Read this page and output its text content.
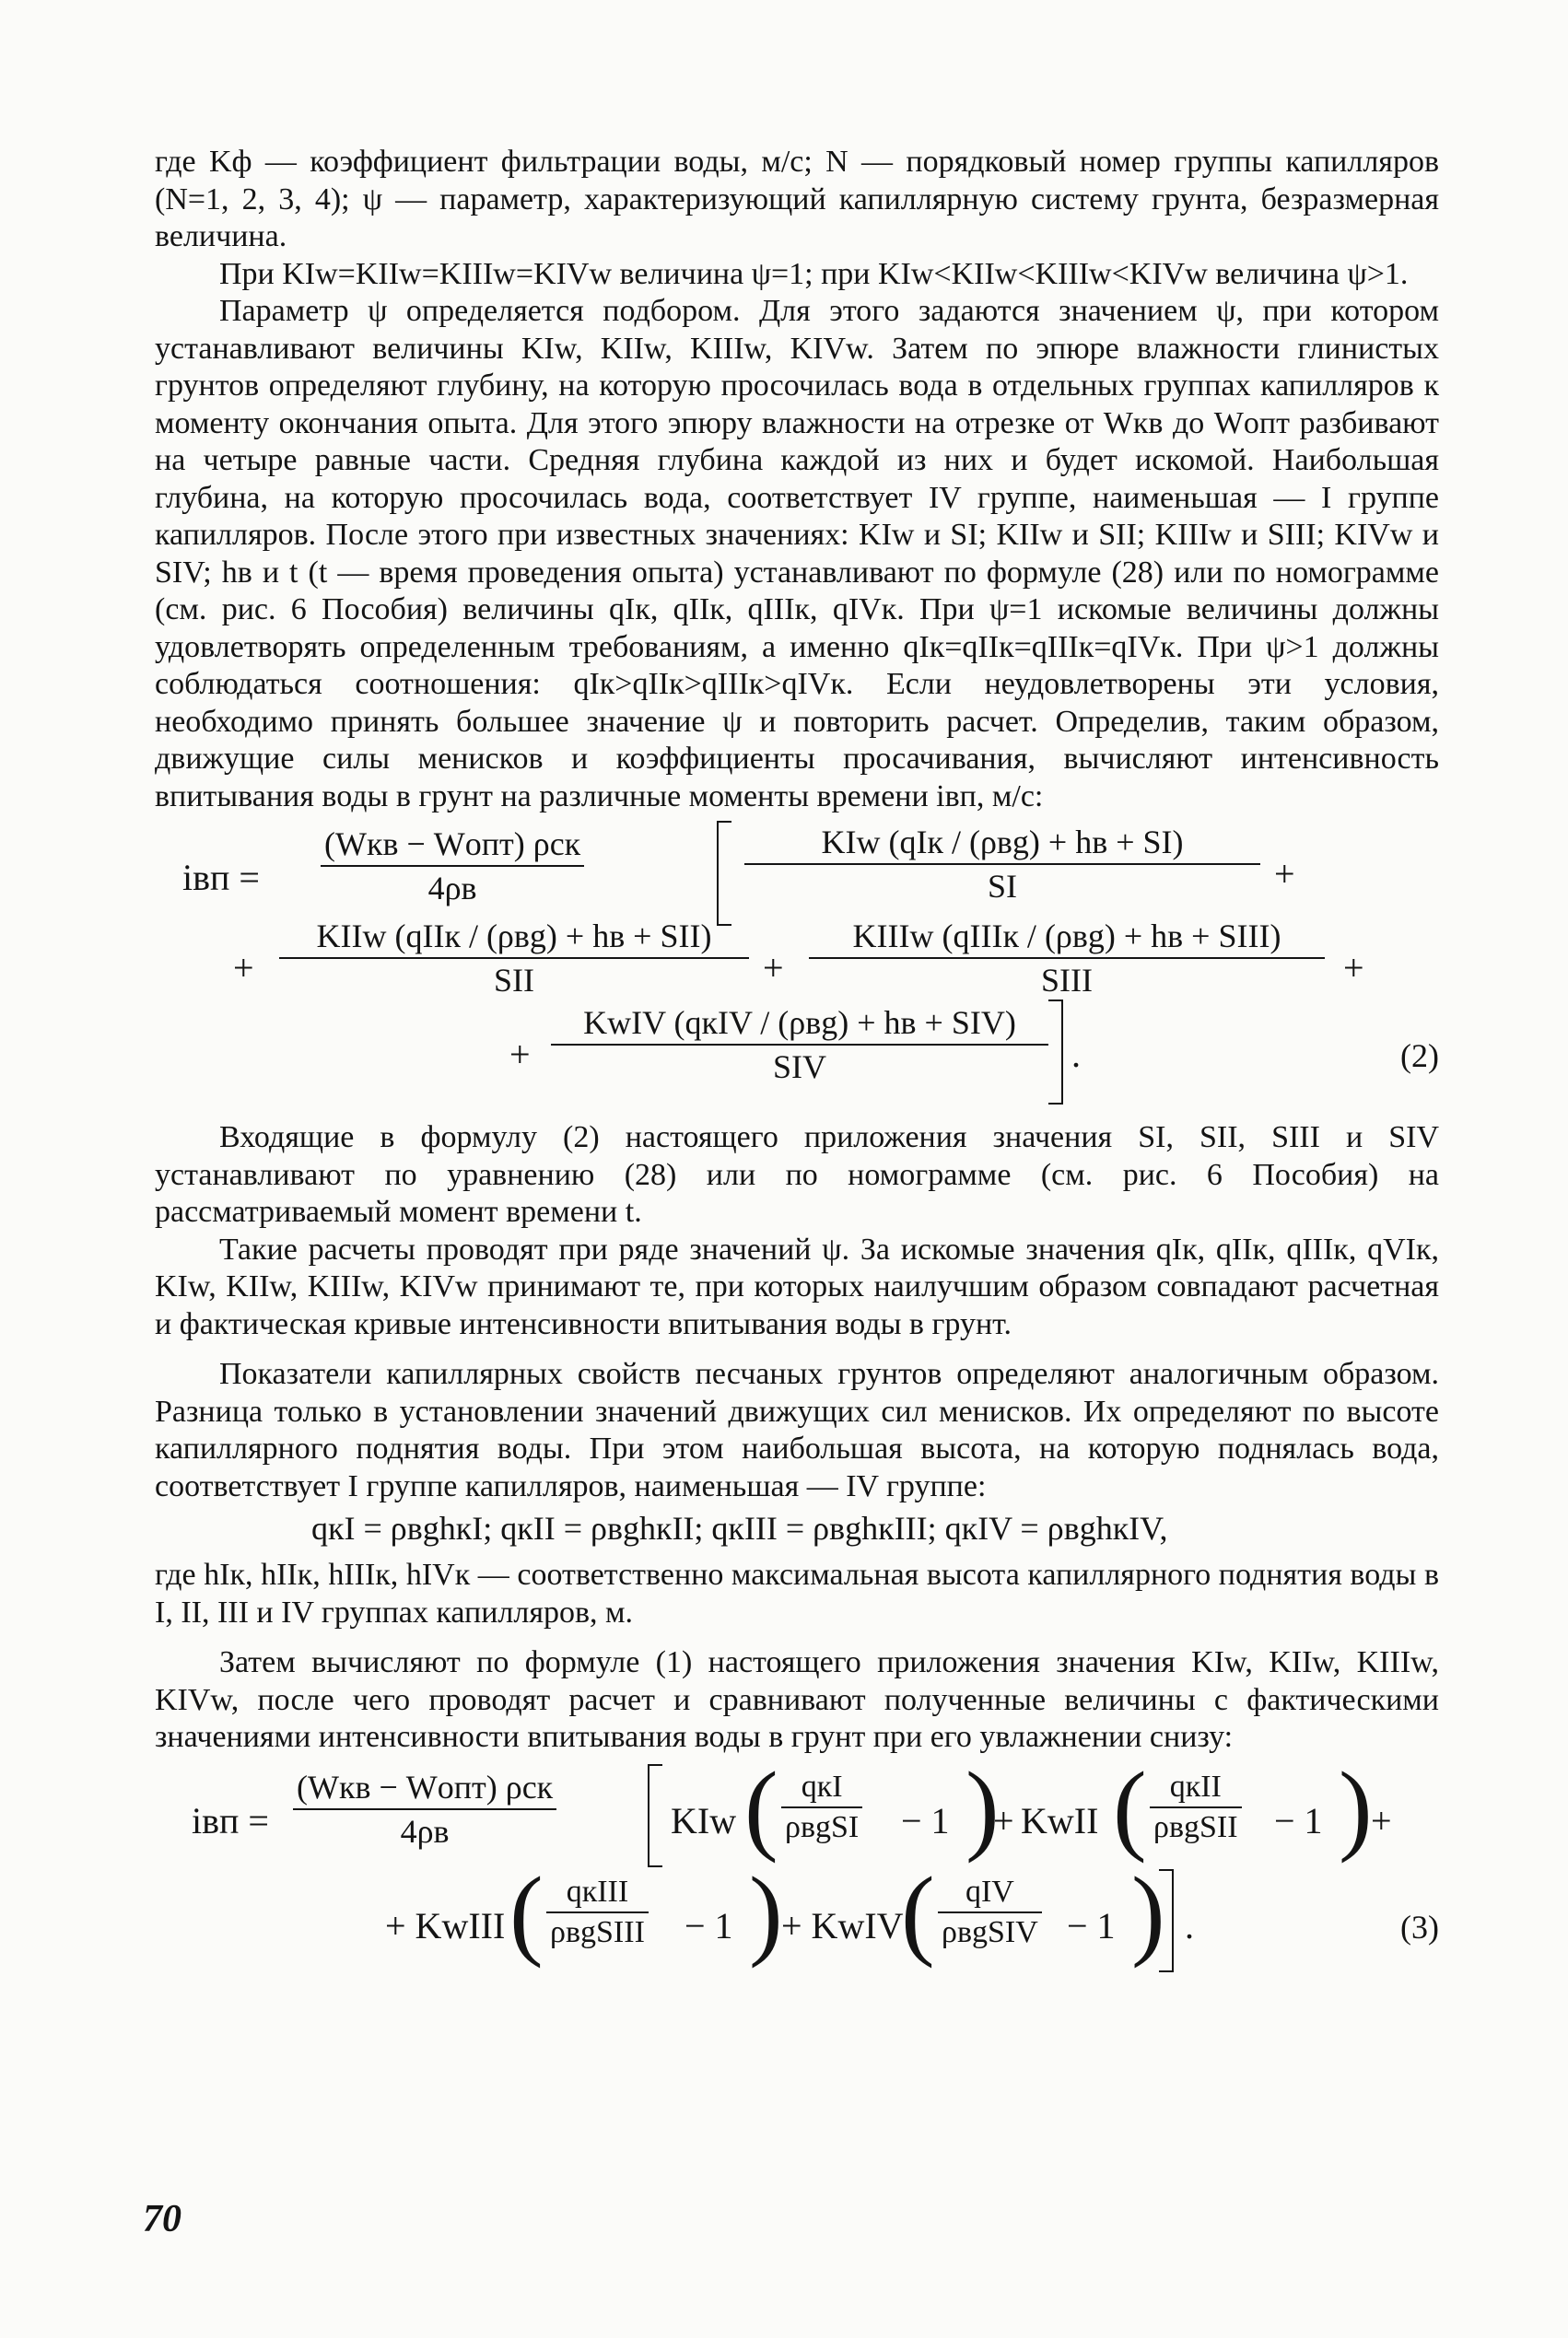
где Kф — коэффициент фильтрации воды, м/с; N — порядковый номер группы капилляров (N=1, 2, 3, 4); ψ — параметр, характеризующий капиллярную систему грунта, безразмерная величина.

При KIw=KIIw=KIIIw=KIVw величина ψ=1; при KIw<KIIw<KIIIw<KIVw величина ψ>1.

Параметр ψ определяется подбором. Для этого задаются значением ψ, при котором устанавливают величины KIw, KIIw, KIIIw, KIVw. Затем по эпюре влажности глинистых грунтов определяют глубину, на которую просочилась вода в отдельных группах капилляров к моменту окончания опыта. Для этого эпюру влажности на отрезке от Wкв до Wопт разбивают на четыре равные части. Средняя глубина каждой из них и будет искомой. Наибольшая глубина, на которую просочилась вода, соответствует IV группе, наименьшая — I группе капилляров. После этого при известных значениях: KIw и SI; KIIw и SII; KIIIw и SIII; KIVw и SIV; hв и t (t — время проведения опыта) устанавливают по формуле (28) или по номограмме (см. рис. 6 Пособия) величины qIк, qIIк, qIIIк, qIVк. При ψ=1 искомые величины должны удовлетворять определенным требованиям, а именно qIк=qIIк=qIIIк=qIVк. При ψ>1 должны соблюдаться соотношения: qIк>qIIк>qIIIк>qIVк. Если неудовлетворены эти условия, необходимо принять большее значение ψ и повторить расчет. Определив, таким образом, движущие силы менисков и коэффициенты просачивания, вычисляют интенсивность впитывания воды в грунт на различные моменты времени iвп, м/с:

iвп =
(Wкв − Wопт) ρск
4ρв
KIw (qIк / (ρвg) + hв + SI)
SI	+
+
KIIw (qIIк / (ρвg) + hв + SII)
SII	+
KIIIw (qIIIк / (ρвg) + hв + SIII)
SIII	+
+
KwIV (qкIV / (ρвg) + hв + SIV)
SIV	.	(2)

Входящие в формулу (2) настоящего приложения значения SI, SII, SIII и SIV устанавливают по уравнению (28) или по номограмме (см. рис. 6 Пособия) на рассматриваемый момент времени t.

Такие расчеты проводят при ряде значений ψ. За искомые значения qIк, qIIк, qIIIк, qVIк, KIw, KIIw, KIIIw, KIVw принимают те, при которых наилучшим образом совпадают расчетная и фактическая кривые интенсивности впитывания воды в грунт.

Показатели капиллярных свойств песчаных грунтов определяют аналогичным образом. Разница только в установлении значений движущих сил менисков. Их определяют по высоте капиллярного поднятия воды. При этом наибольшая высота, на которую поднялась вода, соответствует I группе капилляров, наименьшая — IV группе:

qкI = ρвghкI; qкII = ρвghкII; qкIII = ρвghкIII; qкIV = ρвghкIV,

где hIк, hIIк, hIIIк, hIVк — соответственно максимальная высота капиллярного поднятия воды в I, II, III и IV группах капилляров, м.

Затем вычисляют по формуле (1) настоящего приложения значения KIw, KIIw, KIIIw, KIVw, после чего проводят расчет и сравнивают полученные величины с фактическими значениями интенсивности впитывания воды в грунт при его увлажнении снизу:

iвп =
(Wкв − Wопт) ρск
4ρв	KIw ( qкI
ρвgSI − 1 )
+ KwII ( qкII
ρвgSII − 1 )
+
+ KwIII ( qкIII
ρвgSIII − 1 )
+ KwIV
( qIV
ρвgSIV − 1 ) .	(3)
70
